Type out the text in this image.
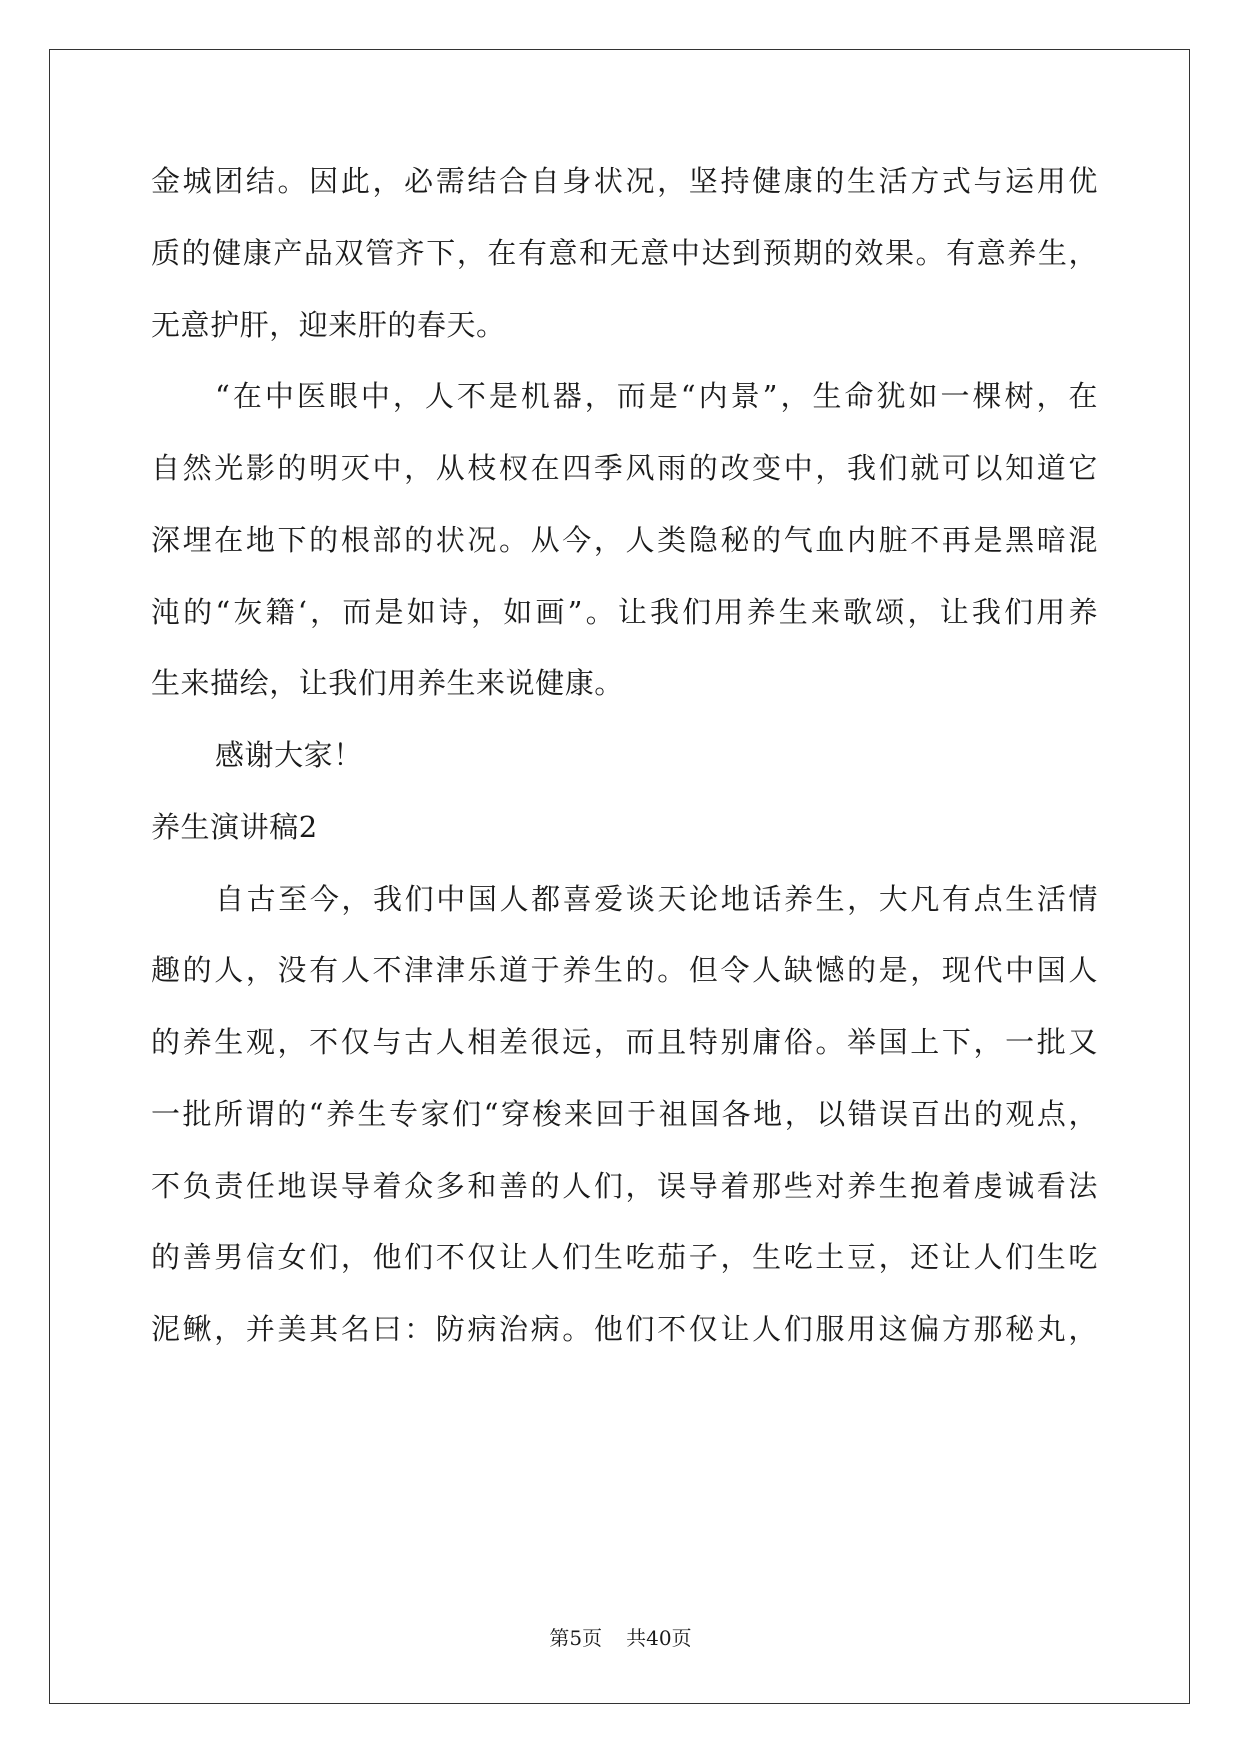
金城团结。因此，必需结合自身状况，坚持健康的生活方式与运用优
质的健康产品双管齐下，在有意和无意中达到预期的效果。有意养生，
无意护肝，迎来肝的春天。
“在中医眼中，人不是机器，而是“内景”，生命犹如一棵树，在
自然光影的明灭中，从枝杈在四季风雨的改变中，我们就可以知道它
深埋在地下的根部的状况。从今，人类隐秘的气血内脏不再是黑暗混
沌的“灰籍‘，而是如诗，如画”。让我们用养生来歌颂，让我们用养
生来描绘，让我们用养生来说健康。
感谢大家！
养生演讲稿2
自古至今，我们中国人都喜爱谈天论地话养生，大凡有点生活情
趣的人，没有人不津津乐道于养生的。但令人缺憾的是，现代中国人
的养生观，不仅与古人相差很远，而且特别庸俗。举国上下，一批又
一批所谓的“养生专家们“穿梭来回于祖国各地，以错误百出的观点，
不负责任地误导着众多和善的人们，误导着那些对养生抱着虔诚看法
的善男信女们，他们不仅让人们生吃茄子，生吃土豆，还让人们生吃
泥鳅，并美其名曰：防病治病。他们不仅让人们服用这偏方那秘丸，
第5页 共40页
